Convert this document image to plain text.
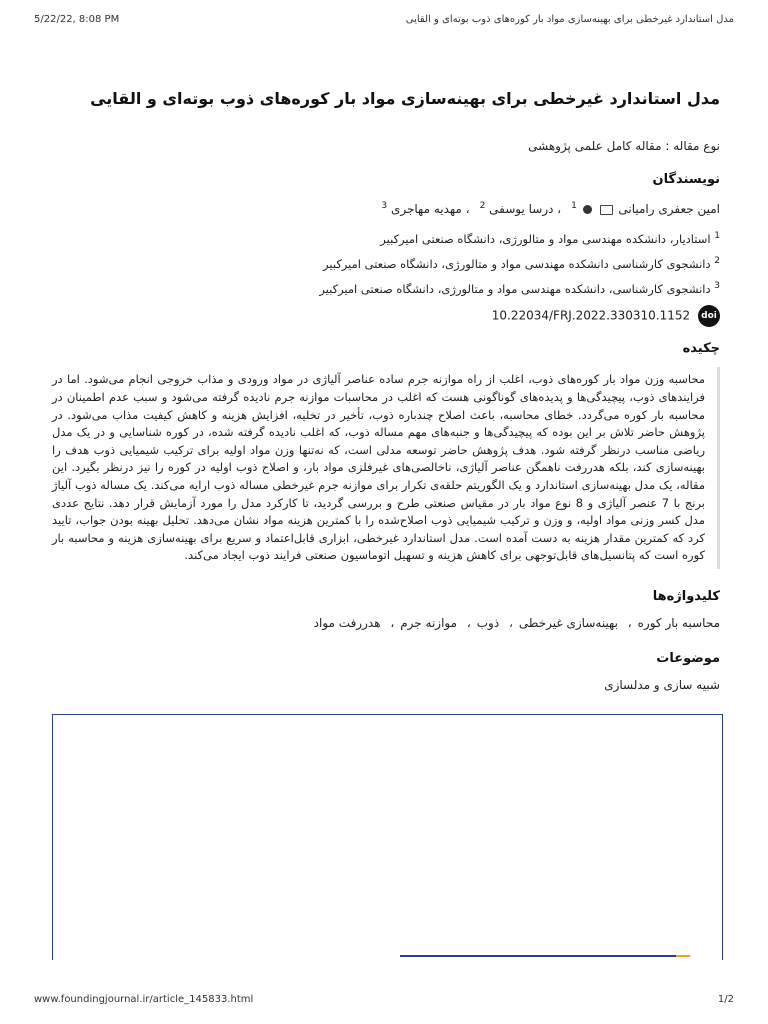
5/22/22, 8:08 PM	مدل استاندارد غیرخطی برای بهینه‌سازی مواد بار کوره‌های ذوب بوته‌ای و القایی
مدل استاندارد غیرخطی برای بهینه‌سازی مواد بار کوره‌های ذوب بوته‌ای و القایی
نوع مقاله : مقاله کامل علمی پژوهشی
نویسندگان
امین جعفری رامیانی   $^1$، درسا یوسفی $^2$، مهدیه مهاجری $^3$
$^1$ استادیار، دانشکده مهندسی مواد و متالورژی، دانشگاه صنعتی امیرکبیر
$^2$ دانشجوی کارشناسی دانشکده مهندسی مواد و متالورژی، دانشگاه صنعتی امیرکبیر
$^3$ دانشجوی کارشناسی، دانشکده مهندسی مواد و متالورژی، دانشگاه صنعتی امیرکبیر
doi 10.22034/FRJ.2022.330310.1152
چکیده
محاسبه وزن مواد بار کوره‌های ذوب، اغلب از راه موازنه جرم ساده عناصر آلیاژی در مواد ورودی و مذاب خروجی انجام می‌شود. اما در فرایندهای ذوب، پیچیدگی‌ها و پدیده‌های گوناگونی هست که اغلب در محاسبات موازنه جرم نادیده گرفته می‌شود و سبب عدم اطمینان در محاسبه بار کوره می‌گردد. خطای محاسبه، باعث اصلاح چندباره ذوب، تأخیر در تخلیه، افزایش هزینه و کاهش کیفیت مذاب می‌شود. در پژوهش حاضر تلاش بر این بوده که پیچیدگی‌ها و جنبه‌های مهم مساله ذوب، که اغلب نادیده گرفته شده، در کوره شناسایی و در یک مدل ریاضی مناسب درنظر گرفته شود. هدف پژوهش حاضر توسعه مدلی است، که نه‌تنها وزن مواد اولیه برای ترکیب شیمیایی ذوب هدف را بهینه‌سازی کند، بلکه هدررفت ناهمگن عناصر آلیاژی، ناخالصی‌های غیرفلزی مواد بار، و اصلاح ذوب اولیه در کوره را نیز درنظر بگیرد. این مقاله، یک مدل بهینه‌سازی استاندارد و یک الگوریتم حلقه‌ی تکرار برای موازنه جرم غیرخطی مساله ذوب ارایه می‌کند. یک مساله ذوب آلیاژ برنج با 7 عنصر آلیاژی و 8 نوع مواد بار در مقیاس صنعتی طرح و بررسی گردید، تا کارکرد مدل را مورد آزمایش قرار دهد. نتایج عددی مدل کسر وزنی مواد اولیه، و وزن و ترکیب شیمیایی ذوب اصلاح‌شده را با کمترین هزینه مواد نشان می‌دهد. تحلیل بهینه بودن جواب، تایید کرد که کمترین مقدار هزینه به دست آمده است. مدل استاندارد غیرخطی، ابزاری قابل‌اعتماد و سریع برای بهینه‌سازی هزینه و محاسبه بار کوره است که پتانسیل‌های قابل‌توجهی برای کاهش هزینه و تسهیل اتوماسیون صنعتی فرایند ذوب ایجاد می‌کند.
کلیدواژه‌ها
محاسبه بار کوره، بهینه‌سازی غیرخطی، ذوب، موازنه جرم، هدررفت مواد
موضوعات
شبیه سازی و مدلسازی
www.foundingjournal.ir/article_145833.html	1/2
